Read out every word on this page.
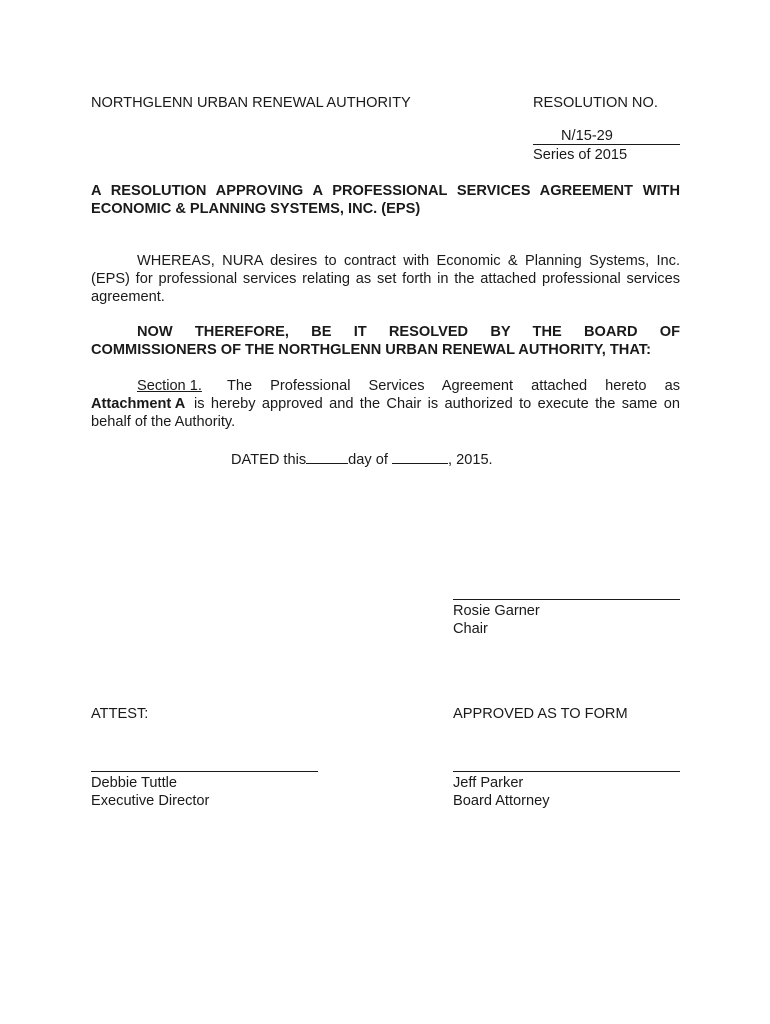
NORTHGLENN URBAN RENEWAL AUTHORITY	RESOLUTION NO.
N/15-29
Series of 2015
A RESOLUTION APPROVING A PROFESSIONAL SERVICES AGREEMENT WITH
ECONOMIC & PLANNING SYSTEMS, INC. (EPS)
WHEREAS, NURA desires to contract with Economic & Planning Systems, Inc.
(EPS) for professional services relating as set forth in the attached professional services
agreement.
NOW THEREFORE, BE IT RESOLVED BY THE BOARD OF
COMMISSIONERS OF THE NORTHGLENN URBAN RENEWAL AUTHORITY, THAT:
Section 1. The Professional Services Agreement attached hereto as
Attachment A is hereby approved and the Chair is authorized to execute the same on
behalf of the Authority.
DATED this	day of	, 2015.
Rosie Garner
Chair
ATTEST:	APPROVED AS TO FORM
Debbie Tuttle
Executive Director
Jeff Parker
Board Attorney
